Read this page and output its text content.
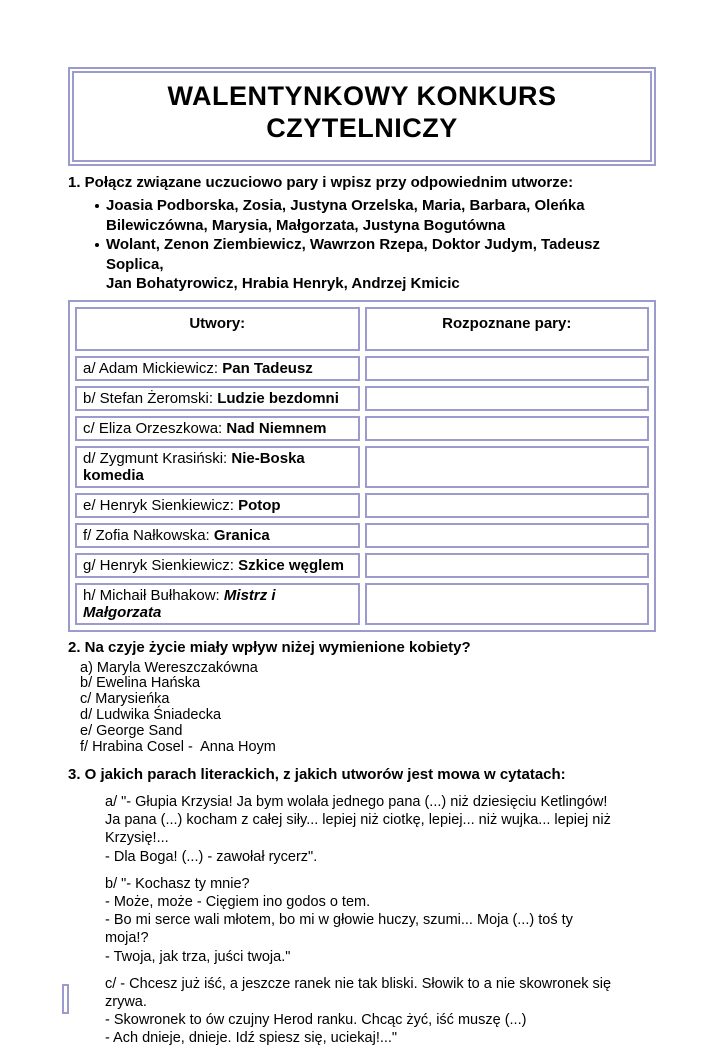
WALENTYNKOWY KONKURS
CZYTELNICZY

1. Połącz związane uczuciowo pary i wpisz przy odpowiednim utworze:

Joasia Podborska, Zosia, Justyna Orzelska, Maria, Barbara, Oleńka
Bilewiczówna, Marysia, Małgorzata, Justyna Bogutówna
Wolant, Zenon Ziembiewicz, Wawrzon Rzepa, Doktor Judym, Tadeusz Soplica,
Jan Bohatyrowicz, Hrabia Henryk, Andrzej Kmicic
Utwory:	Rozpoznane pary:
a/ Adam Mickiewicz: Pan Tadeusz	
b/ Stefan Żeromski: Ludzie bezdomni	
c/ Eliza Orzeszkowa: Nad Niemnem	
d/ Zygmunt Krasiński: Nie-Boska komedia	
e/ Henryk Sienkiewicz: Potop	
f/ Zofia Nałkowska: Granica	
g/ Henryk Sienkiewicz: Szkice węglem	
h/ Michaił Bułhakow: Mistrz i Małgorzata	

2. Na czyje życie miały wpływ niżej wymienione kobiety?

a) Maryla Wereszczakówna
b/ Ewelina Hańska
c/ Marysieńka
d/ Ludwika Śniadecka
e/ George Sand
f/ Hrabina Cosel -  Anna Hoym

3. O jakich parach literackich, z jakich utworów jest mowa w cytatach:

a/ "- Głupia Krzysia! Ja bym wolała jednego pana (...) niż dziesięciu Ketlingów!
Ja pana (...) kocham z całej siły... lepiej niż ciotkę, lepiej... niż wujka... lepiej niż
Krzysię!...
- Dla Boga! (...) - zawołał rycerz".

b/ "- Kochasz ty mnie?
- Może, może - Cięgiem ino godos o tem.
- Bo mi serce wali młotem, bo mi w głowie huczy, szumi... Moja (...) toś ty
moja!?
- Twoja, jak trza, juści twoja."

c/ - Chcesz już iść, a jeszcze ranek nie tak bliski. Słowik to a nie skowronek się
zrywa.
- Skowronek to ów czujny Herod ranku. Chcąc żyć, iść muszę (...)
- Ach dnieje, dnieje. Idź spiesz się, uciekaj!..."
